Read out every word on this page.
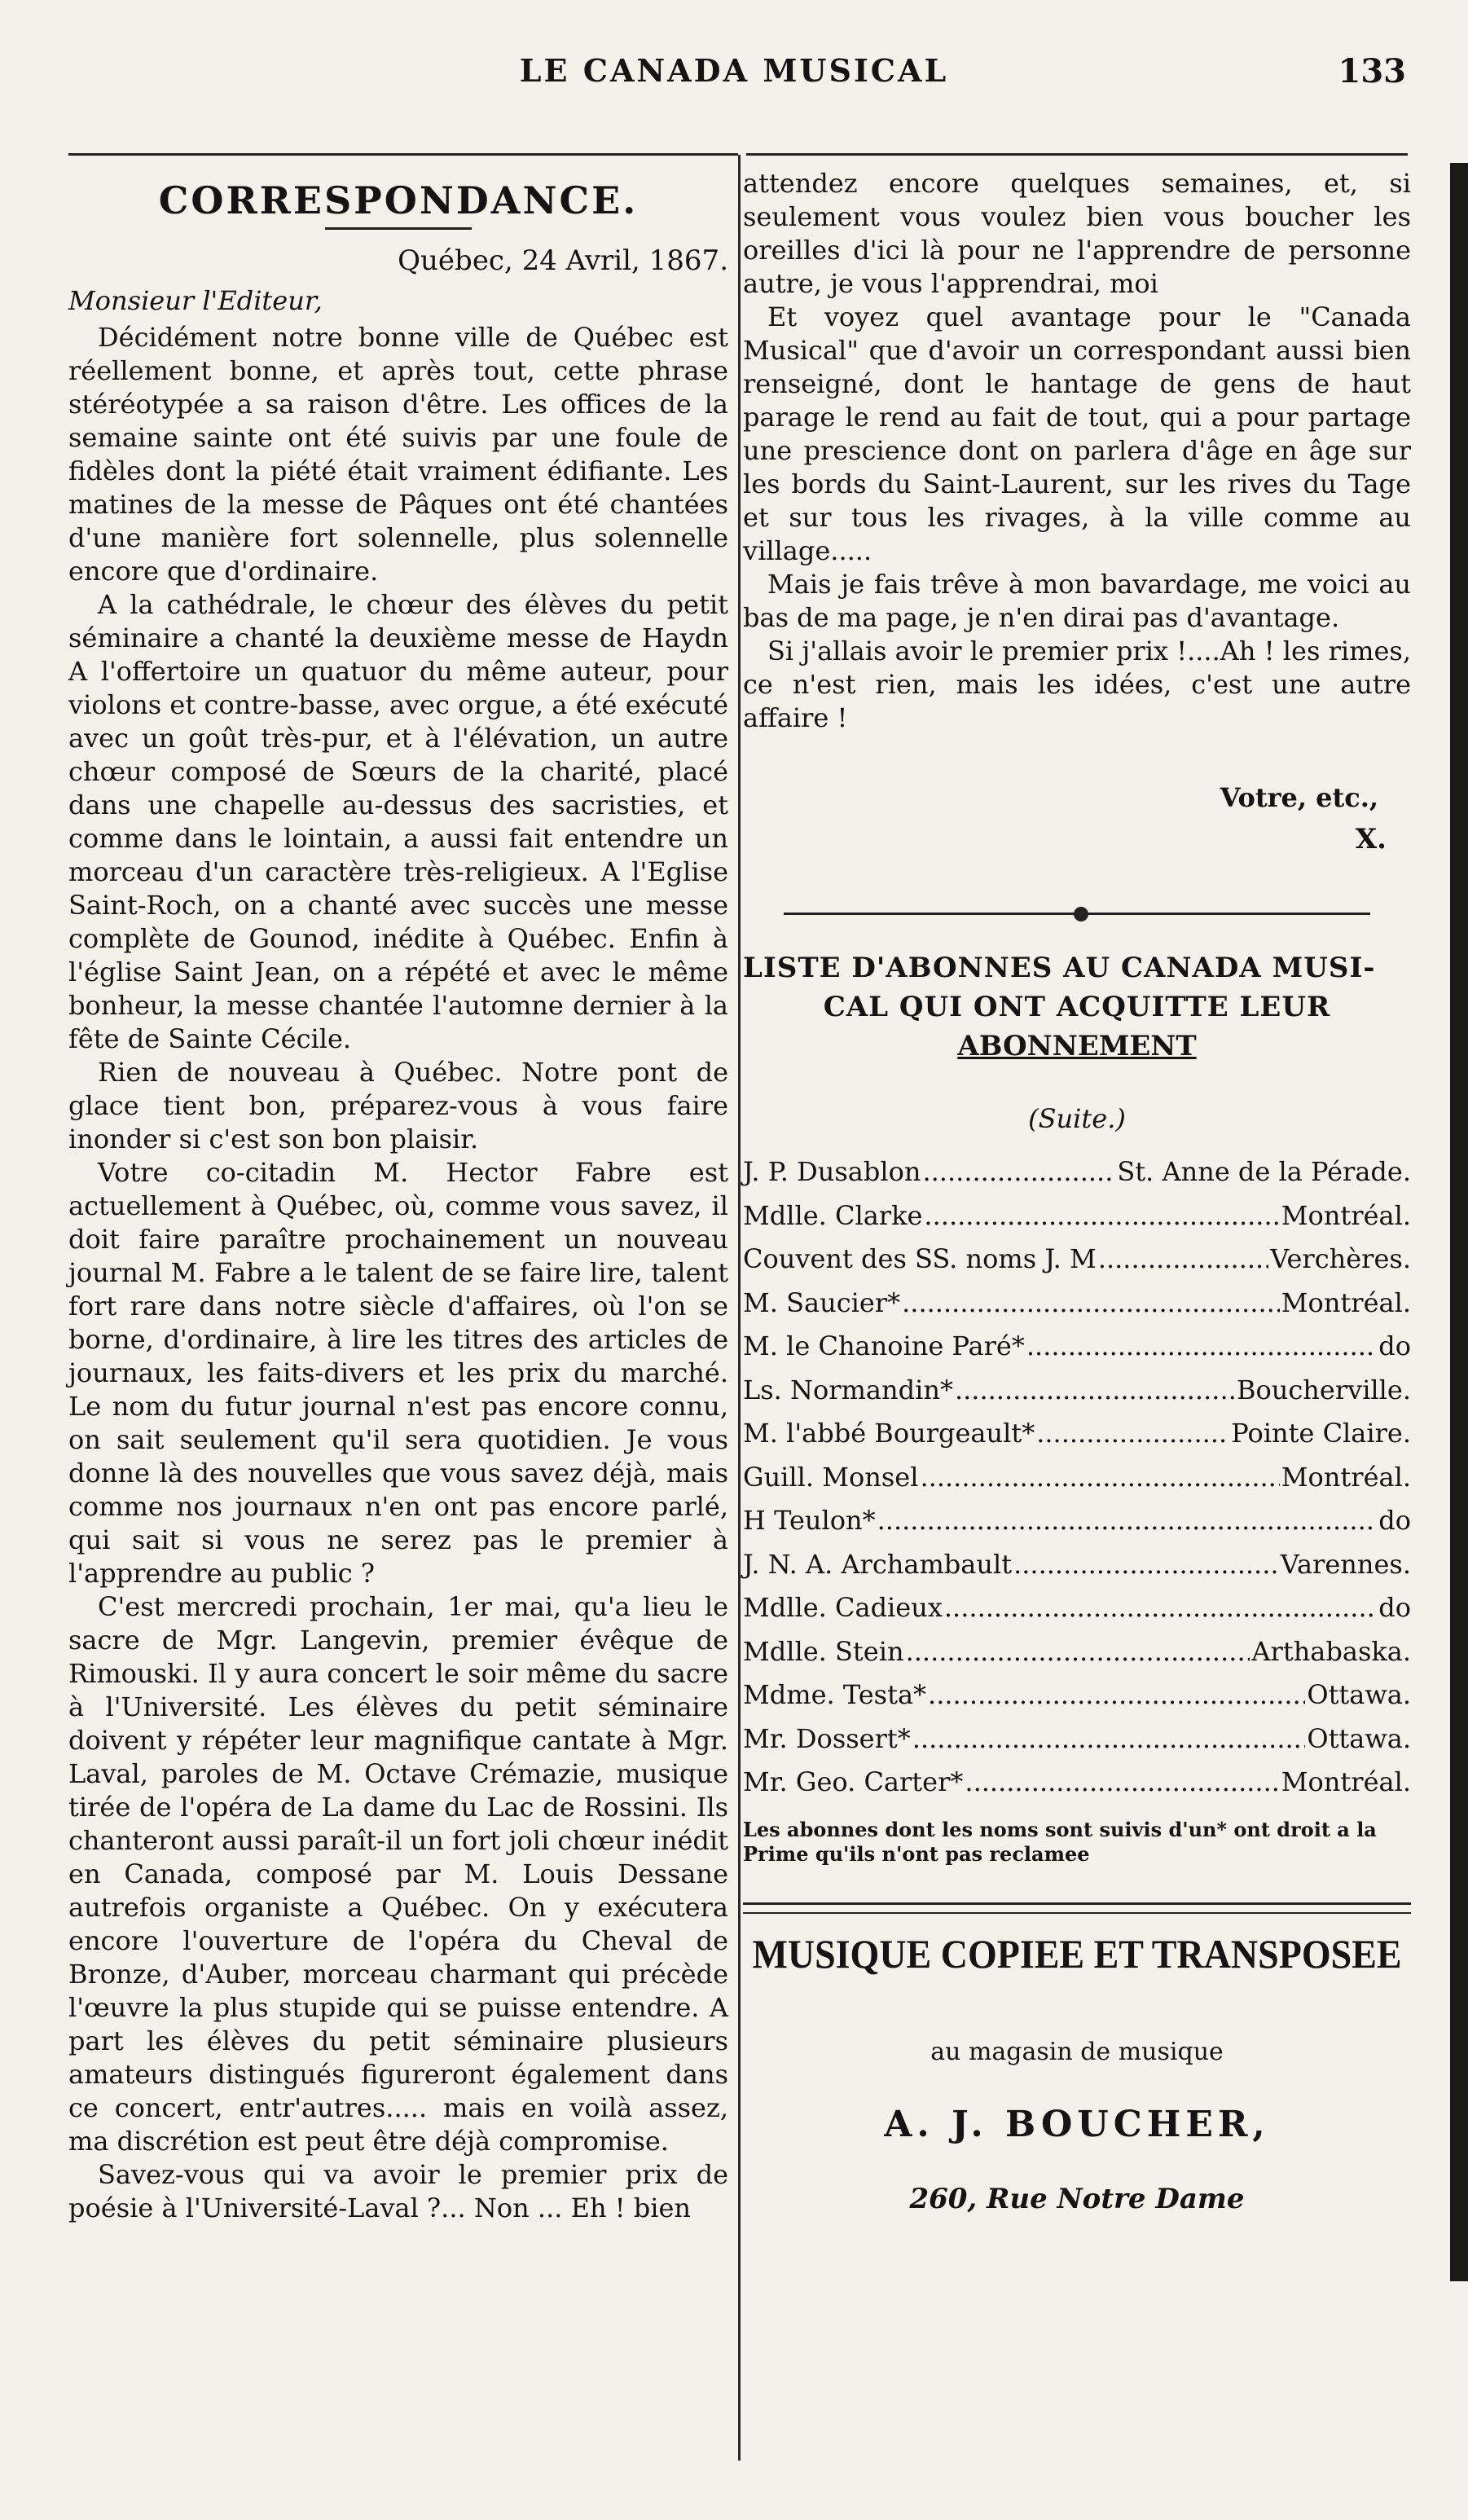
LE CANADA MUSICAL	133
CORRESPONDANCE.
Québec, 24 Avril, 1867.
Monsieur l'Editeur,

Décidément notre bonne ville de Québec est réellement bonne, et après tout, cette phrase stéréotypée a sa raison d'être. Les offices de la semaine sainte ont été suivis par une foule de fidèles dont la piété était vraiment édifiante. Les matines de la messe de Pâques ont été chantées d'une manière fort solennelle, plus solennelle encore que d'ordinaire.

A la cathédrale, le chœur des élèves du petit séminaire a chanté la deuxième messe de Haydn A l'offertoire un quatuor du même auteur, pour violons et contre-basse, avec orgue, a été exécuté avec un goût très-pur, et à l'élévation, un autre chœur composé de Sœurs de la charité, placé dans une chapelle au-dessus des sacristies, et comme dans le lointain, a aussi fait entendre un morceau d'un caractère très-religieux. A l'Eglise Saint-Roch, on a chanté avec succès une messe complète de Gounod, inédite à Québec. Enfin à l'église Saint Jean, on a répété et avec le même bonheur, la messe chantée l'automne dernier à la fête de Sainte Cécile.

Rien de nouveau à Québec. Notre pont de glace tient bon, préparez-vous à vous faire inonder si c'est son bon plaisir.

Votre co-citadin M. Hector Fabre est actuellement à Québec, où, comme vous savez, il doit faire paraître prochainement un nouveau journal M. Fabre a le talent de se faire lire, talent fort rare dans notre siècle d'affaires, où l'on se borne, d'ordinaire, à lire les titres des articles de journaux, les faits-divers et les prix du marché. Le nom du futur journal n'est pas encore connu, on sait seulement qu'il sera quotidien. Je vous donne là des nouvelles que vous savez déjà, mais comme nos journaux n'en ont pas encore parlé, qui sait si vous ne serez pas le premier à l'apprendre au public ?

C'est mercredi prochain, 1er mai, qu'a lieu le sacre de Mgr. Langevin, premier évêque de Rimouski. Il y aura concert le soir même du sacre à l'Université. Les élèves du petit séminaire doivent y répéter leur magnifique cantate à Mgr. Laval, paroles de M. Octave Crémazie, musique tirée de l'opéra de La dame du Lac de Rossini. Ils chanteront aussi paraît-il un fort joli chœur inédit en Canada, composé par M. Louis Dessane autrefois organiste a Québec. On y exécutera encore l'ouverture de l'opéra du Cheval de Bronze, d'Auber, morceau charmant qui précède l'œuvre la plus stupide qui se puisse entendre. A part les élèves du petit séminaire plusieurs amateurs distingués figureront également dans ce concert, entr'autres..... mais en voilà assez, ma discrétion est peut être déjà compromise.

Savez-vous qui va avoir le premier prix de poésie à l'Université-Laval ?... Non ... Eh ! bien

attendez encore quelques semaines, et, si seulement vous voulez bien vous boucher les oreilles d'ici là pour ne l'apprendre de personne autre, je vous l'apprendrai, moi

Et voyez quel avantage pour le "Canada Musical" que d'avoir un correspondant aussi bien renseigné, dont le hantage de gens de haut parage le rend au fait de tout, qui a pour partage une prescience dont on parlera d'âge en âge sur les bords du Saint-Laurent, sur les rives du Tage et sur tous les rivages, à la ville comme au village.....

Mais je fais trêve à mon bavardage, me voici au bas de ma page, je n'en dirai pas d'avantage.

Si j'allais avoir le premier prix !....Ah ! les rimes, ce n'est rien, mais les idées, c'est une autre affaire !

Votre, etc.,
X.
LISTE D'ABONNES AU CANADA MUSI-
CAL QUI ONT ACQUITTE LEUR
ABONNEMENT
(Suite.)
J. P. Dusablon .....	St. Anne de la Pérade.
Mdlle. Clarke .....	Montréal.
Couvent des SS. noms J. M .....	Verchères.
M. Saucier* .....	Montréal.
M. le Chanoine Paré* .....	do
Ls. Normandin* .....	Boucherville.
M. l'abbé Bourgeault* .....	Pointe Claire.
Guill. Monsel .....	Montréal.
H Teulon* .....	do
J. N. A. Archambault .....	Varennes.
Mdlle. Cadieux .....	do
Mdlle. Stein .....	Arthabaska.
Mdme. Testa* .....	Ottawa.
Mr. Dossert* .....	Ottawa.
Mr. Geo. Carter* .....	Montréal.
Les abonnes dont les noms sont suivis d'un* ont droit a la Prime qu'ils n'ont pas reclamee
MUSIQUE COPIEE ET TRANSPOSEE
au magasin de musique
A. J. BOUCHER,
260, Rue Notre Dame
